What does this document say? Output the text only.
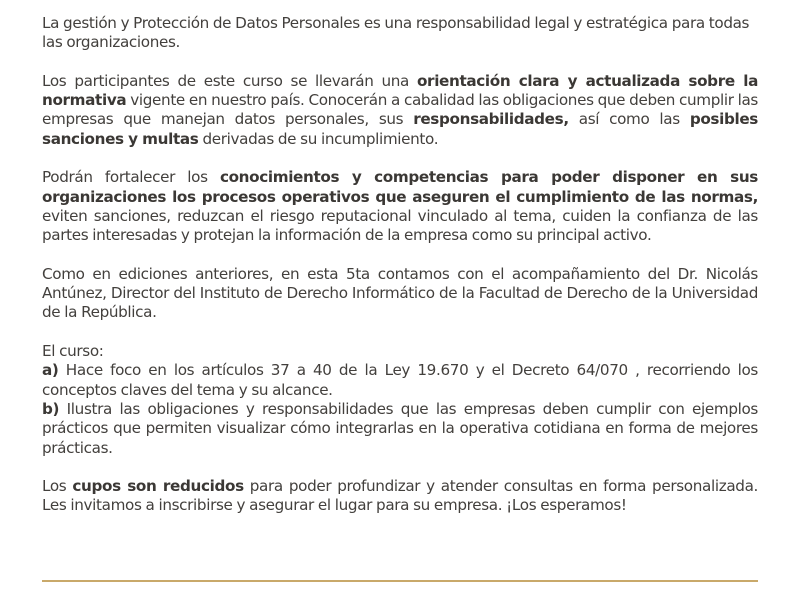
La gestión y Protección de Datos Personales es una responsabilidad legal y estratégica para todas las organizaciones.

Los participantes de este curso se llevarán una orientación clara y actualizada sobre la normativa vigente en nuestro país. Conocerán a cabalidad las obligaciones que deben cumplir las empresas que manejan datos personales, sus responsabilidades, así como las posibles sanciones y multas derivadas de su incumplimiento.

Podrán fortalecer los conocimientos y competencias para poder disponer en sus organizaciones los procesos operativos que aseguren el cumplimiento de las normas, eviten sanciones, reduzcan el riesgo reputacional vinculado al tema, cuiden la confianza de las partes interesadas y protejan la información de la empresa como su principal activo.

Como en ediciones anteriores, en esta 5ta contamos con el acompañamiento del Dr. Nicolás Antúnez, Director del Instituto de Derecho Informático de la Facultad de Derecho de la Universidad de la República.

El curso:
a) Hace foco en los artículos 37 a 40 de la Ley 19.670 y el Decreto 64/070 , recorriendo los conceptos claves del tema y su alcance.
b) Ilustra las obligaciones y responsabilidades que las empresas deben cumplir con ejemplos prácticos que permiten visualizar cómo integrarlas en la operativa cotidiana en forma de mejores prácticas.

Los cupos son reducidos para poder profundizar y atender consultas en forma personalizada. Les invitamos a inscribirse y asegurar el lugar para su empresa. ¡Los esperamos!
